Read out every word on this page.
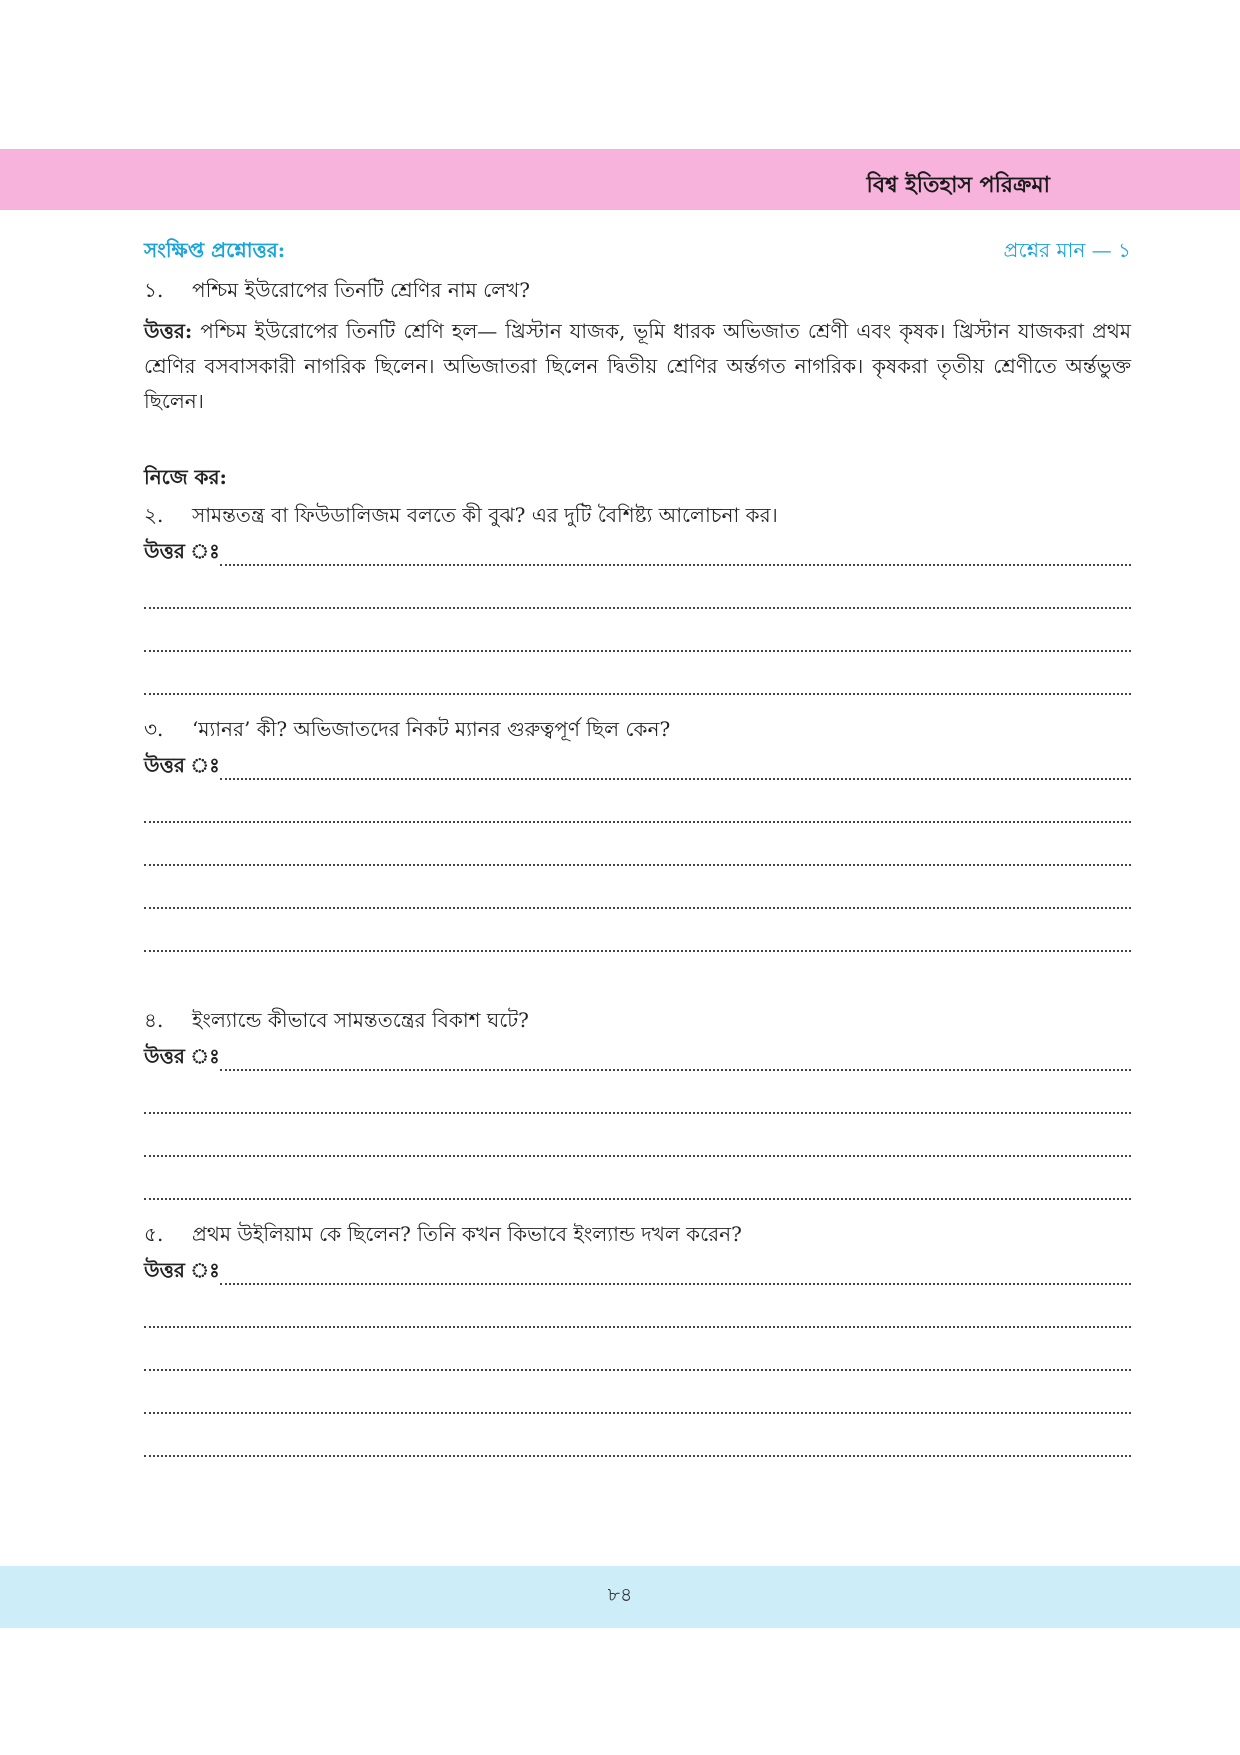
বিশ্ব ইতিহাস পরিক্রমা
সংক্ষিপ্ত প্রশ্নোত্তর:	প্রশ্নের মান — ১
১.	পশ্চিম ইউরোপের তিনটি শ্রেণির নাম লেখ?
উত্তর: পশ্চিম ইউরোপের তিনটি শ্রেণি হল— খ্রিস্টান যাজক, ভূমি ধারক অভিজাত শ্রেণী এবং কৃষক। খ্রিস্টান যাজকরা প্রথম শ্রেণির বসবাসকারী নাগরিক ছিলেন। অভিজাতরা ছিলেন দ্বিতীয় শ্রেণির অর্ন্তগত নাগরিক। কৃষকরা তৃতীয় শ্রেণীতে অর্ন্তভুক্ত ছিলেন।
নিজে কর:
২.	সামন্ততন্ত্র বা ফিউডালিজম বলতে কী বুঝ? এর দুটি বৈশিষ্ট্য আলোচনা কর।
উত্তর ঃ
৩.	‘ম্যানর’ কী? অভিজাতদের নিকট ম্যানর গুরুত্বপূর্ণ ছিল কেন?
উত্তর ঃ
৪.	ইংল্যান্ডে কীভাবে সামন্ততন্ত্রের বিকাশ ঘটে?
উত্তর ঃ
৫.	প্রথম উইলিয়াম কে ছিলেন? তিনি কখন কিভাবে ইংল্যান্ড দখল করেন?
উত্তর ঃ
৮৪
